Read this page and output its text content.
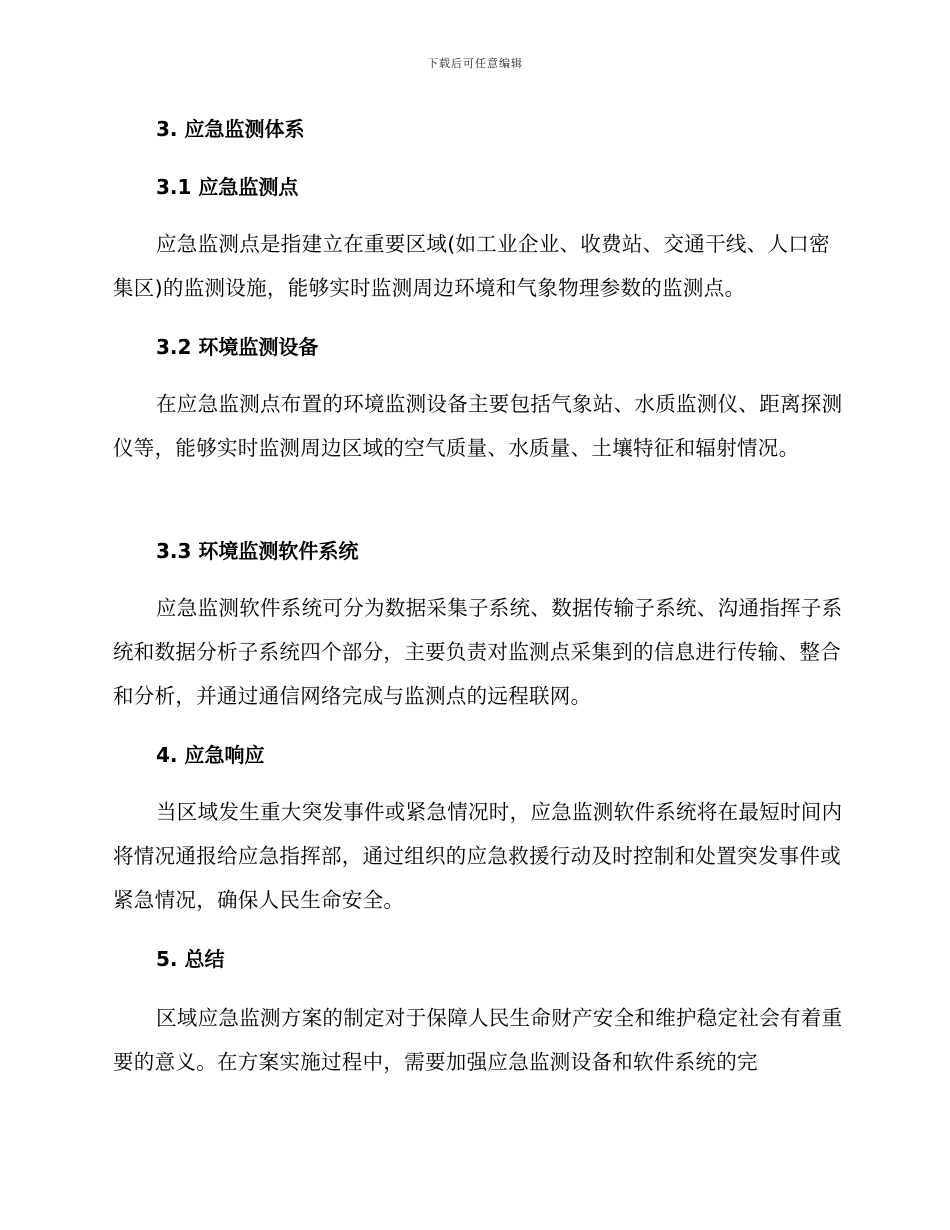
下载后可任意编辑
3. 应急监测体系
3.1 应急监测点

应急监测点是指建立在重要区域(如工业企业、收费站、交通干线、人口密集区)的监测设施，能够实时监测周边环境和气象物理参数的监测点。

3.2 环境监测设备

在应急监测点布置的环境监测设备主要包括气象站、水质监测仪、距离探测仪等，能够实时监测周边区域的空气质量、水质量、土壤特征和辐射情况。

3.3 环境监测软件系统

应急监测软件系统可分为数据采集子系统、数据传输子系统、沟通指挥子系统和数据分析子系统四个部分，主要负责对监测点采集到的信息进行传输、整合和分析，并通过通信网络完成与监测点的远程联网。

4. 应急响应

当区域发生重大突发事件或紧急情况时，应急监测软件系统将在最短时间内将情况通报给应急指挥部，通过组织的应急救援行动及时控制和处置突发事件或紧急情况，确保人民生命安全。

5. 总结

区域应急监测方案的制定对于保障人民生命财产安全和维护稳定社会有着重要的意义。在方案实施过程中，需要加强应急监测设备和软件系统的完
